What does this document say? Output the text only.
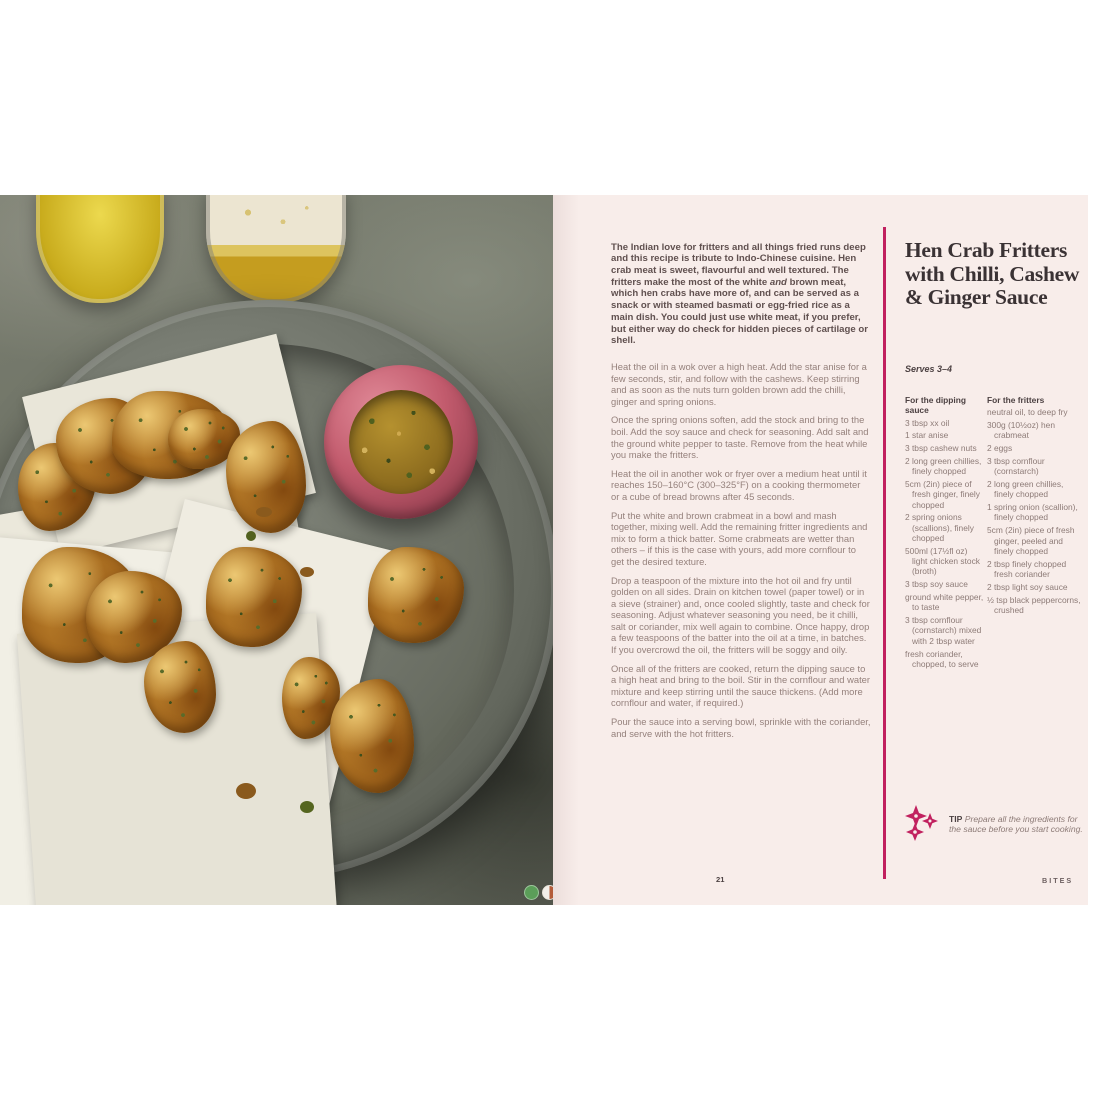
The Indian love for fritters and all things fried runs deep and this recipe is tribute to Indo-Chinese cuisine. Hen crab meat is sweet, flavourful and well textured. The fritters make the most of the white and brown meat, which hen crabs have more of, and can be served as a snack or with steamed basmati or egg-fried rice as a main dish. You could just use white meat, if you prefer, but either way do check for hidden pieces of cartilage or shell.

Heat the oil in a wok over a high heat. Add the star anise for a few seconds, stir, and follow with the cashews. Keep stirring and as soon as the nuts turn golden brown add the chilli, ginger and spring onions.

Once the spring onions soften, add the stock and bring to the boil. Add the soy sauce and check for seasoning. Add salt and the ground white pepper to taste. Remove from the heat while you make the fritters.

Heat the oil in another wok or fryer over a medium heat until it reaches 150–160°C (300–325°F) on a cooking thermometer or a cube of bread browns after 45 seconds.

Put the white and brown crabmeat in a bowl and mash together, mixing well. Add the remaining fritter ingredients and mix to form a thick batter. Some crabmeats are wetter than others – if this is the case with yours, add more cornflour to get the desired texture.

Drop a teaspoon of the mixture into the hot oil and fry until golden on all sides. Drain on kitchen towel (paper towel) or in a sieve (strainer) and, once cooled slightly, taste and check for seasoning. Adjust whatever seasoning you need, be it chilli, salt or coriander, mix well again to combine. Once happy, drop a few teaspoons of the batter into the oil at a time, in batches. If you overcrowd the oil, the fritters will be soggy and oily.

Once all of the fritters are cooked, return the dipping sauce to a high heat and bring to the boil. Stir in the cornflour and water mixture and keep stirring until the sauce thickens. (Add more cornflour and water, if required.)

Pour the sauce into a serving bowl, sprinkle with the coriander, and serve with the hot fritters.

Hen Crab Fritters
with Chilli, Cashew
& Ginger Sauce
Serves 3–4

For the dipping sauce

3 tbsp xx oil
1 star anise
3 tbsp cashew nuts
2 long green chillies, finely chopped
5cm (2in) piece of fresh ginger, finely chopped
2 spring onions (scallions), finely chopped
500ml (17½fl oz) light chicken stock (broth)
3 tbsp soy sauce
ground white pepper, to taste
3 tbsp cornflour (cornstarch) mixed with 2 tbsp water
fresh coriander, chopped, to serve

For the fritters

neutral oil, to deep fry
300g (10½oz) hen crabmeat
2 eggs
3 tbsp cornflour (cornstarch)
2 long green chillies, finely chopped
1 spring onion (scallion), finely chopped
5cm (2in) piece of fresh ginger, peeled and finely chopped
2 tbsp finely chopped fresh coriander
2 tbsp light soy sauce
½ tsp black peppercorns, crushed

TIP Prepare all the ingredients for the sauce before you start cooking.

21	BITES
